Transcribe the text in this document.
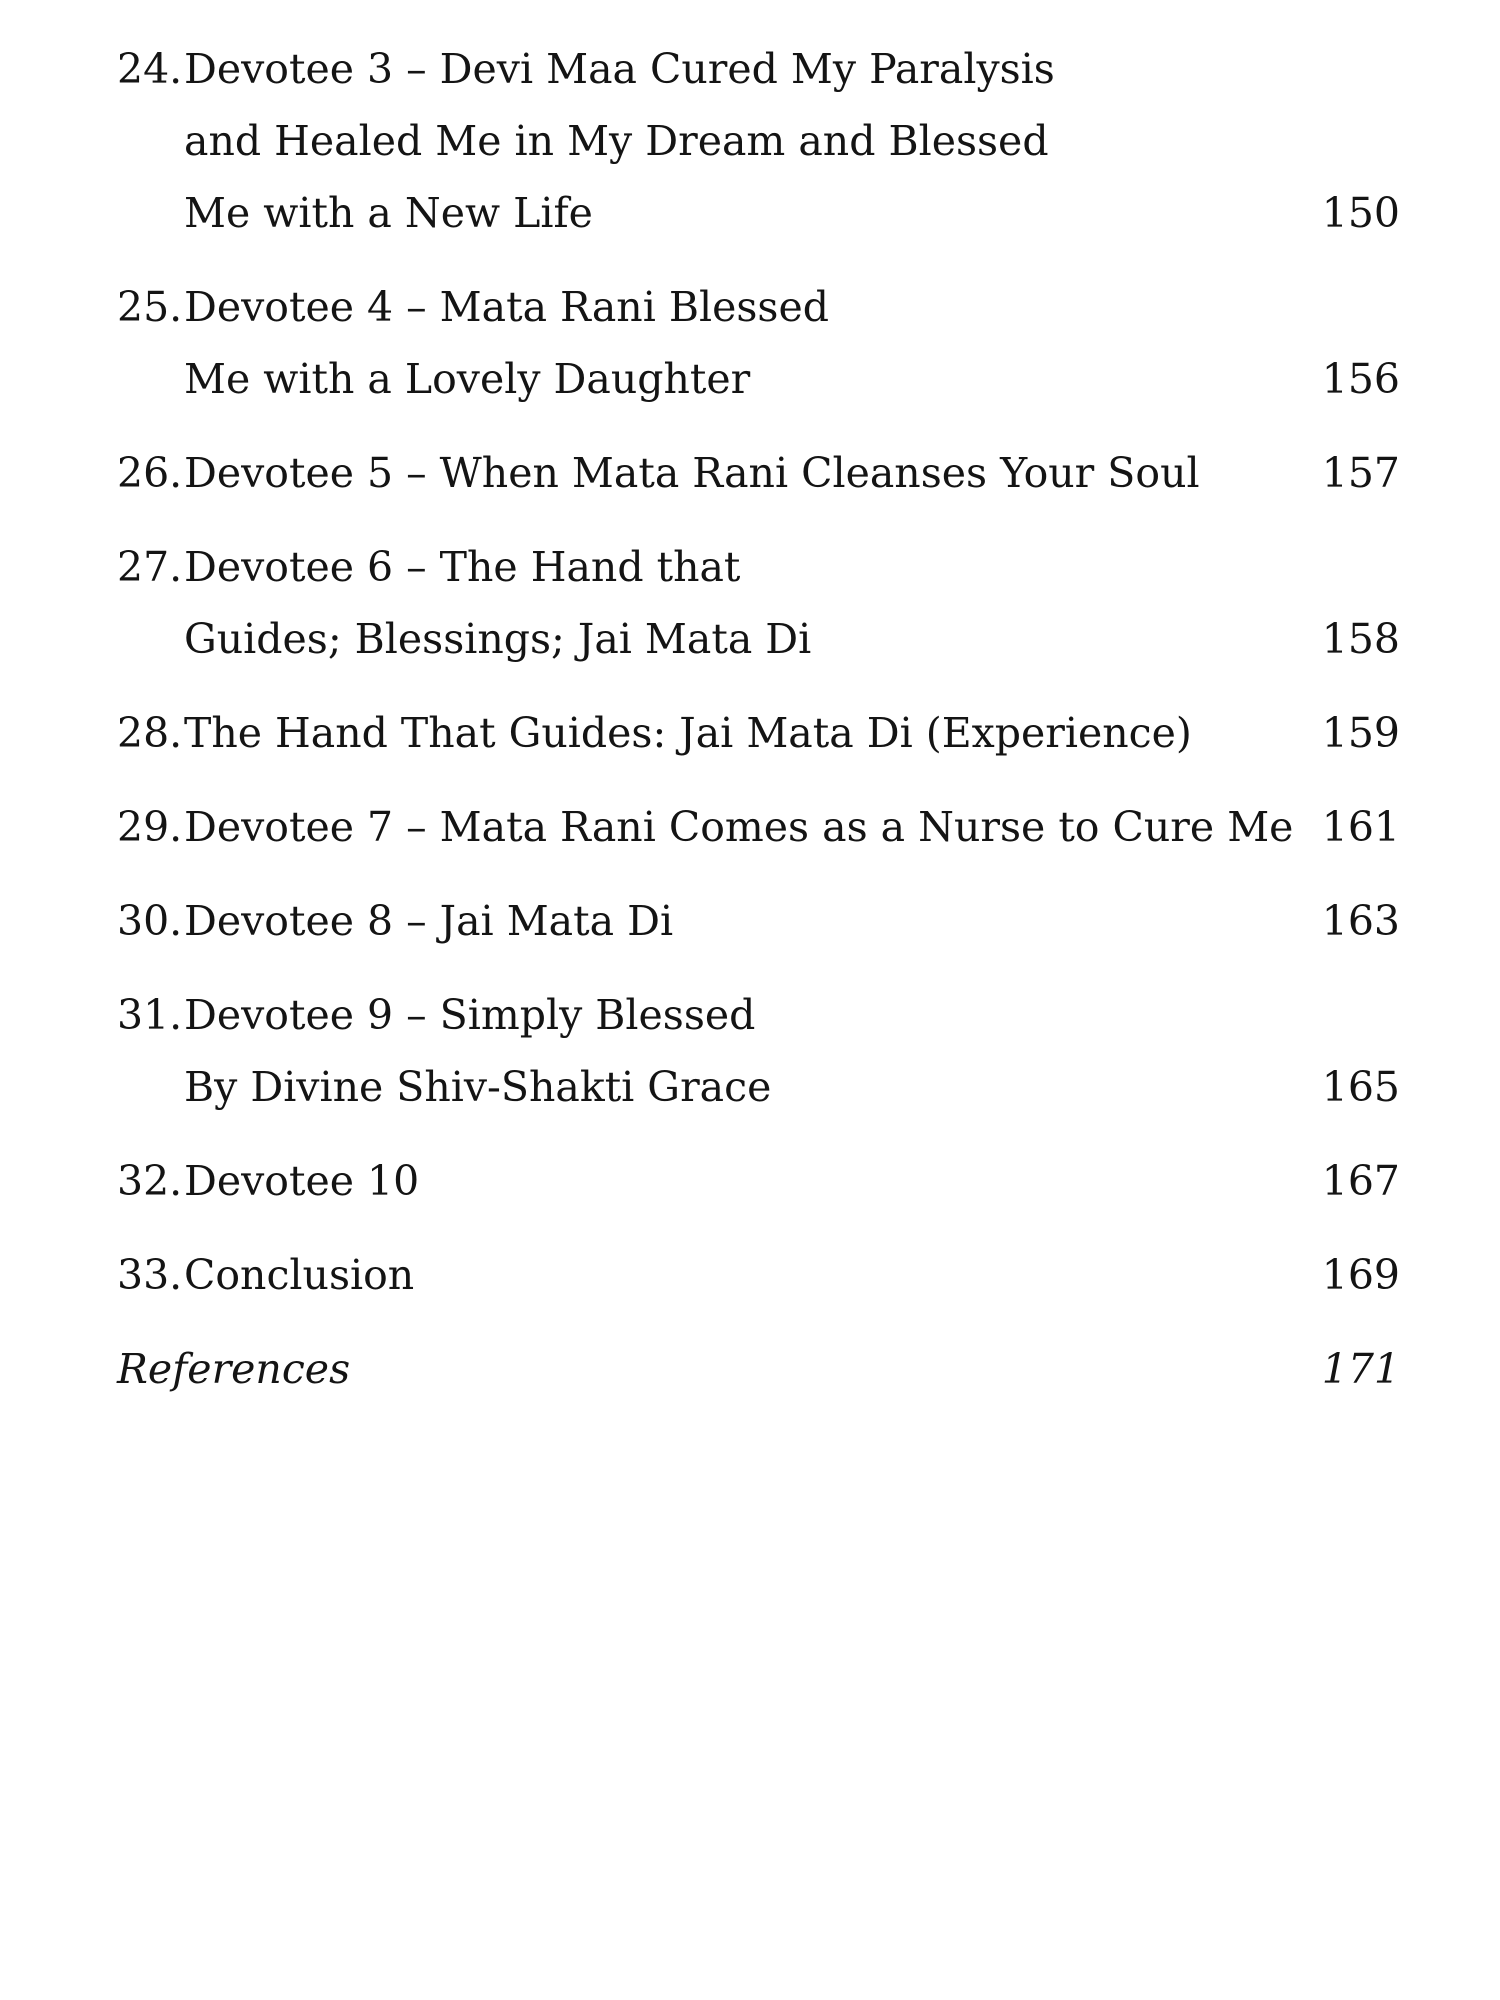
24. Devotee 3 – Devi Maa Cured My Paralysis
and Healed Me in My Dream and Blessed
Me with a New Life	150
25. Devotee 4 – Mata Rani Blessed
Me with a Lovely Daughter	156
26. Devotee 5 – When Mata Rani Cleanses Your Soul	157
27. Devotee 6 – The Hand that
Guides; Blessings; Jai Mata Di	158
28. The Hand That Guides: Jai Mata Di (Experience)	159
29. Devotee 7 – Mata Rani Comes as a Nurse to Cure Me 161
30. Devotee 8 – Jai Mata Di	163
31. Devotee 9 – Simply Blessed
By Divine Shiv-Shakti Grace	165
32. Devotee 10	167
33. Conclusion	169
References	171
